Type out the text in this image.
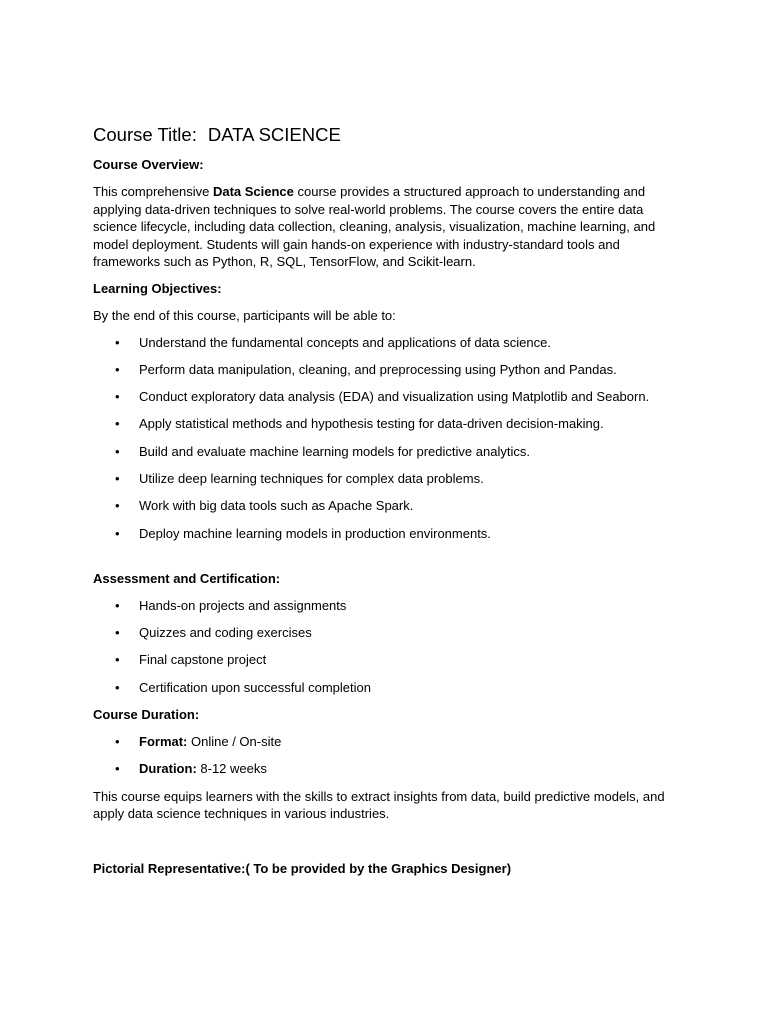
Course Title: DATA SCIENCE
Course Overview:

This comprehensive Data Science course provides a structured approach to understanding and applying data-driven techniques to solve real-world problems. The course covers the entire data science lifecycle, including data collection, cleaning, analysis, visualization, machine learning, and model deployment. Students will gain hands-on experience with industry-standard tools and frameworks such as Python, R, SQL, TensorFlow, and Scikit-learn.

Learning Objectives:

By the end of this course, participants will be able to:

• Understand the fundamental concepts and applications of data science.
• Perform data manipulation, cleaning, and preprocessing using Python and Pandas.
• Conduct exploratory data analysis (EDA) and visualization using Matplotlib and Seaborn.
• Apply statistical methods and hypothesis testing for data-driven decision-making.
• Build and evaluate machine learning models for predictive analytics.
• Utilize deep learning techniques for complex data problems.
• Work with big data tools such as Apache Spark.
• Deploy machine learning models in production environments.
Assessment and Certification:
• Hands-on projects and assignments
• Quizzes and coding exercises
• Final capstone project
• Certification upon successful completion
Course Duration:
• Format: Online / On-site
• Duration: 8-12 weeks

This course equips learners with the skills to extract insights from data, build predictive models, and apply data science techniques in various industries.

Pictorial Representative:( To be provided by the Graphics Designer)
